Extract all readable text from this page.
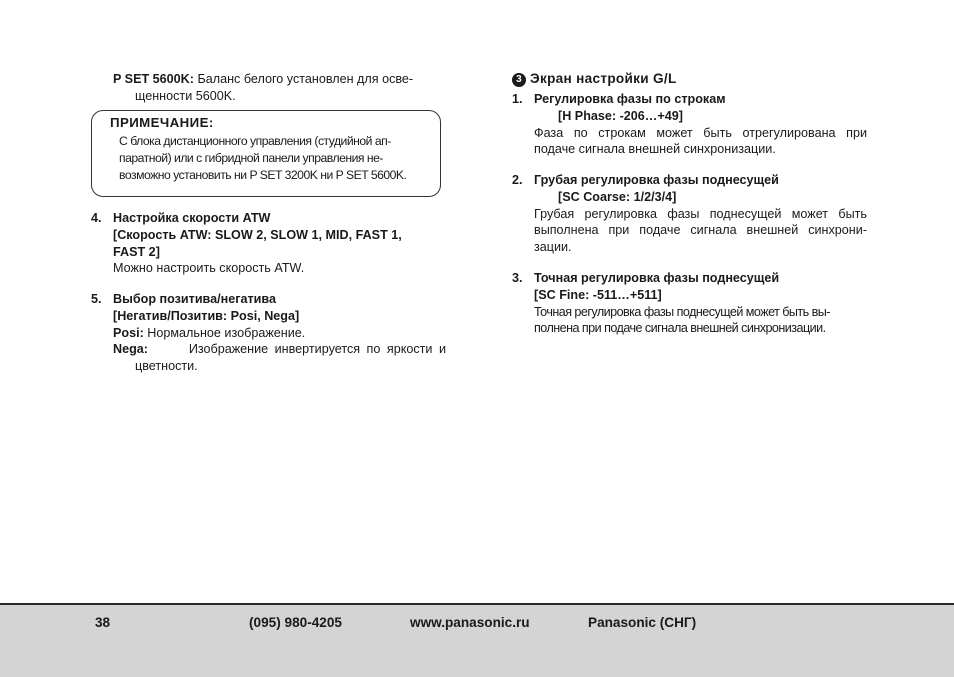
P SET 5600K: Баланс белого установлен для осве-
щенности 5600K.
ПРИМЕЧАНИЕ:
С блока дистанционного управления (студийной ап-
паратной) или с гибридной панели управления не-
возможно установить ни P SET 3200K ни P SET 5600K.
4. Настройка скорости ATW
[Скорость ATW: SLOW 2, SLOW 1, MID, FAST 1,
FAST 2]
Можно настроить скорость ATW.
5. Выбор позитива/негатива
[Негатив/Позитив: Posi, Nega]
Posi: Нормальное изображение.
Nega:	Изображение инвертируется по яркости и
цветности.
3 Экран настройки G/L
1. Регулировка фазы по строкам
[H Phase: -206…+49]
Фаза по строкам может быть отрегулирована при
подаче сигнала внешней синхронизации.
2. Грубая регулировка фазы поднесущей
[SC Coarse: 1/2/3/4]
Грубая регулировка фазы поднесущей может быть
выполнена при подаче сигнала внешней синхрони-
зации.
3. Точная регулировка фазы поднесущей
[SC Fine: -511…+511]
Точная регулировка фазы поднесущей может быть вы-
полнена при подаче сигнала внешней синхронизации.
38	(095) 980-4205	www.panasonic.ru	Panasonic (СНГ)
